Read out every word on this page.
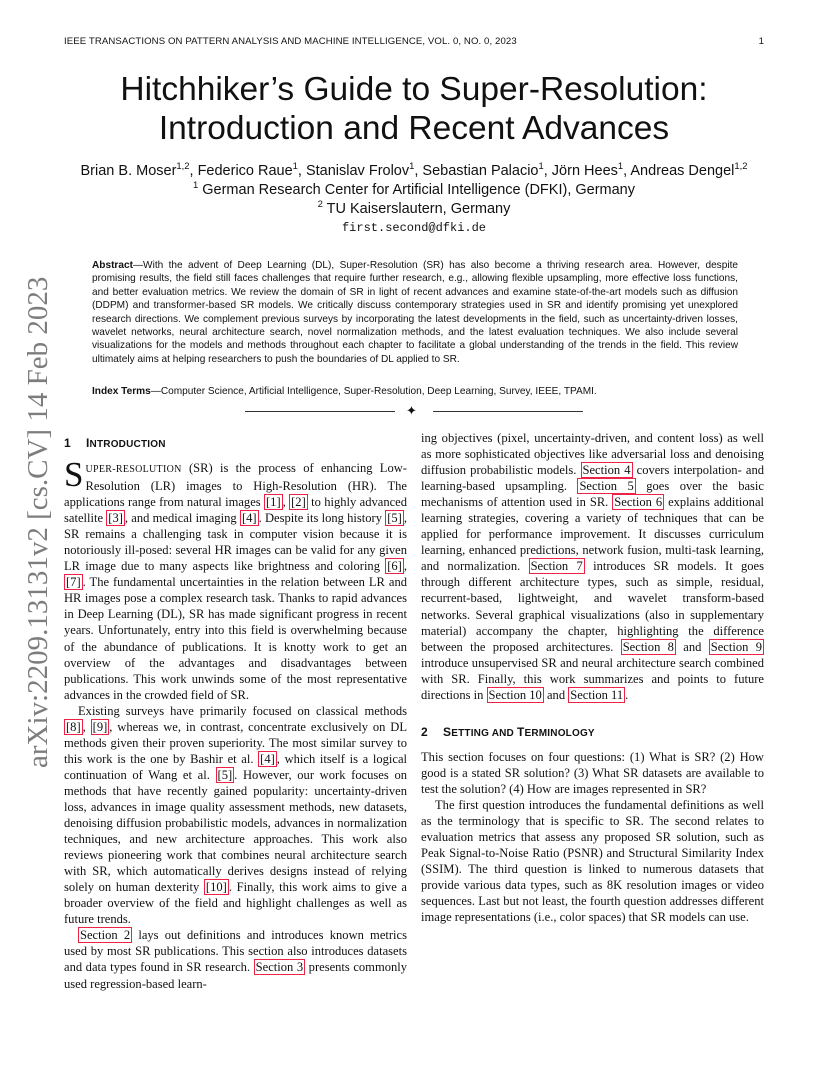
IEEE TRANSACTIONS ON PATTERN ANALYSIS AND MACHINE INTELLIGENCE, VOL. 0, NO. 0, 2023	1
arXiv:2209.13131v2 [cs.CV] 14 Feb 2023
Hitchhiker’s Guide to Super-Resolution:
Introduction and Recent Advances
Brian B. Moser$^{1,2}$, Federico Raue$^1$, Stanislav Frolov$^1$, Sebastian Palacio$^1$, Jörn Hees$^1$, Andreas Dengel$^{1,2}$
$^1$ German Research Center for Artificial Intelligence (DFKI), Germany
$^2$ TU Kaiserslautern, Germany
first.second@dfki.de

Abstract—With the advent of Deep Learning (DL), Super-Resolution (SR) has also become a thriving research area. However, despite promising results, the field still faces challenges that require further research, e.g., allowing flexible upsampling, more effective loss functions, and better evaluation metrics. We review the domain of SR in light of recent advances and examine state-of-the-art models such as diffusion (DDPM) and transformer-based SR models. We critically discuss contemporary strategies used in SR and identify promising yet unexplored research directions. We complement previous surveys by incorporating the latest developments in the field, such as uncertainty-driven losses, wavelet networks, neural architecture search, novel normalization methods, and the latest evaluation techniques. We also include several visualizations for the models and methods throughout each chapter to facilitate a global understanding of the trends in the field. This review ultimately aims at helping researchers to push the boundaries of DL applied to SR.

Index Terms—Computer Science, Artificial Intelligence, Super-Resolution, Deep Learning, Survey, IEEE, TPAMI.

✦
1 INTRODUCTION

SUPER-RESOLUTION (SR) is the process of enhancing Low-Resolution (LR) images to High-Resolution (HR). The applications range from natural images [1] , [2] to highly advanced satellite [3] , and medical imaging [4] . Despite its long history [5] , SR remains a challenging task in computer vision because it is notoriously ill-posed: several HR images can be valid for any given LR image due to many aspects like brightness and coloring [6] , [7] . The fundamental uncertainties in the relation between LR and HR images pose a complex research task. Thanks to rapid advances in Deep Learning (DL), SR has made significant progress in recent years. Unfortunately, entry into this field is overwhelming because of the abundance of publications. It is knotty work to get an overview of the advantages and disadvantages between publications. This work unwinds some of the most representative advances in the crowded field of SR.

Existing surveys have primarily focused on classical methods [8] , [9] , whereas we, in contrast, concentrate exclusively on DL methods given their proven superiority. The most similar survey to this work is the one by Bashir et al. [4] , which itself is a logical continuation of Wang et al. [5] . However, our work focuses on methods that have recently gained popularity: uncertainty-driven loss, advances in image quality assessment methods, new datasets, denoising diffusion probabilistic models, advances in normalization techniques, and new architecture approaches. This work also reviews pioneering work that combines neural architecture search with SR, which automatically derives designs instead of relying solely on human dexterity [10] . Finally, this work aims to give a broader overview of the field and highlight challenges as well as future trends.

Section 2 lays out definitions and introduces known metrics used by most SR publications. This section also introduces datasets and data types found in SR research. Section 3 presents commonly used regression-based learn-

ing objectives (pixel, uncertainty-driven, and content loss) as well as more sophisticated objectives like adversarial loss and denoising diffusion probabilistic models. Section 4 covers interpolation- and learning-based upsampling. Section 5 goes over the basic mechanisms of attention used in SR. Section 6 explains additional learning strategies, covering a variety of techniques that can be applied for performance improvement. It discusses curriculum learning, enhanced predictions, network fusion, multi-task learning, and normalization. Section 7 introduces SR models. It goes through different architecture types, such as simple, residual, recurrent-based, lightweight, and wavelet transform-based networks. Several graphical visualizations (also in supplementary material) accompany the chapter, highlighting the difference between the proposed architectures. Section 8 and Section 9 introduce unsupervised SR and neural architecture search combined with SR. Finally, this work summarizes and points to future directions in Section 10 and Section 11 .

2 SETTING AND TERMINOLOGY

This section focuses on four questions: (1) What is SR? (2) How good is a stated SR solution? (3) What SR datasets are available to test the solution? (4) How are images represented in SR?

The first question introduces the fundamental definitions as well as the terminology that is specific to SR. The second relates to evaluation metrics that assess any proposed SR solution, such as Peak Signal-to-Noise Ratio (PSNR) and Structural Similarity Index (SSIM). The third question is linked to numerous datasets that provide various data types, such as 8K resolution images or video sequences. Last but not least, the fourth question addresses different image representations (i.e., color spaces) that SR models can use.
